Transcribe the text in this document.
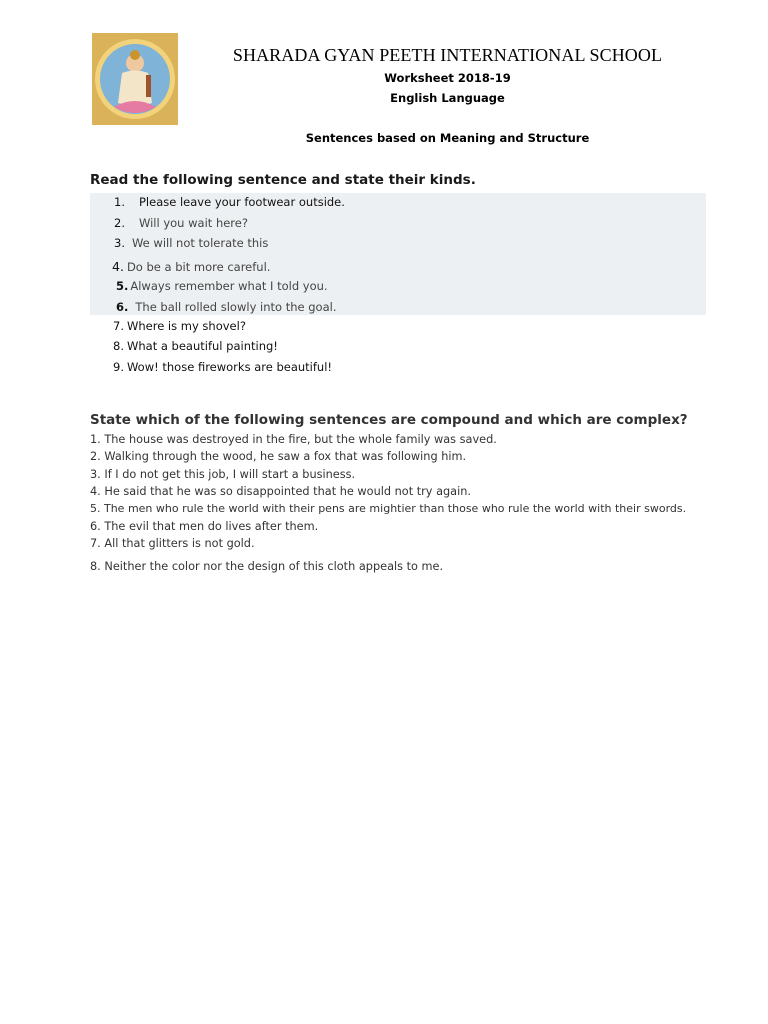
SHARADA GYAN PEETH INTERNATIONAL SCHOOL
Worksheet 2018-19
English Language
Sentences based on Meaning and Structure
Read the following sentence and state their kinds.
1. Please leave your footwear outside.
2. Will you wait here?
3. We will not tolerate this
4. Do be a bit more careful.
5. Always remember what I told you.
6. The ball rolled slowly into the goal.
7. Where is my shovel?
8. What a beautiful painting!
9. Wow! those fireworks are beautiful!
State which of the following sentences are compound and which are complex?
1. The house was destroyed in the fire, but the whole family was saved.
2. Walking through the wood, he saw a fox that was following him.
3. If I do not get this job, I will start a business.
4. He said that he was so disappointed that he would not try again.
5. The men who rule the world with their pens are mightier than those who rule the world with their swords.
6. The evil that men do lives after them.
7. All that glitters is not gold.
8. Neither the color nor the design of this cloth appeals to me.
